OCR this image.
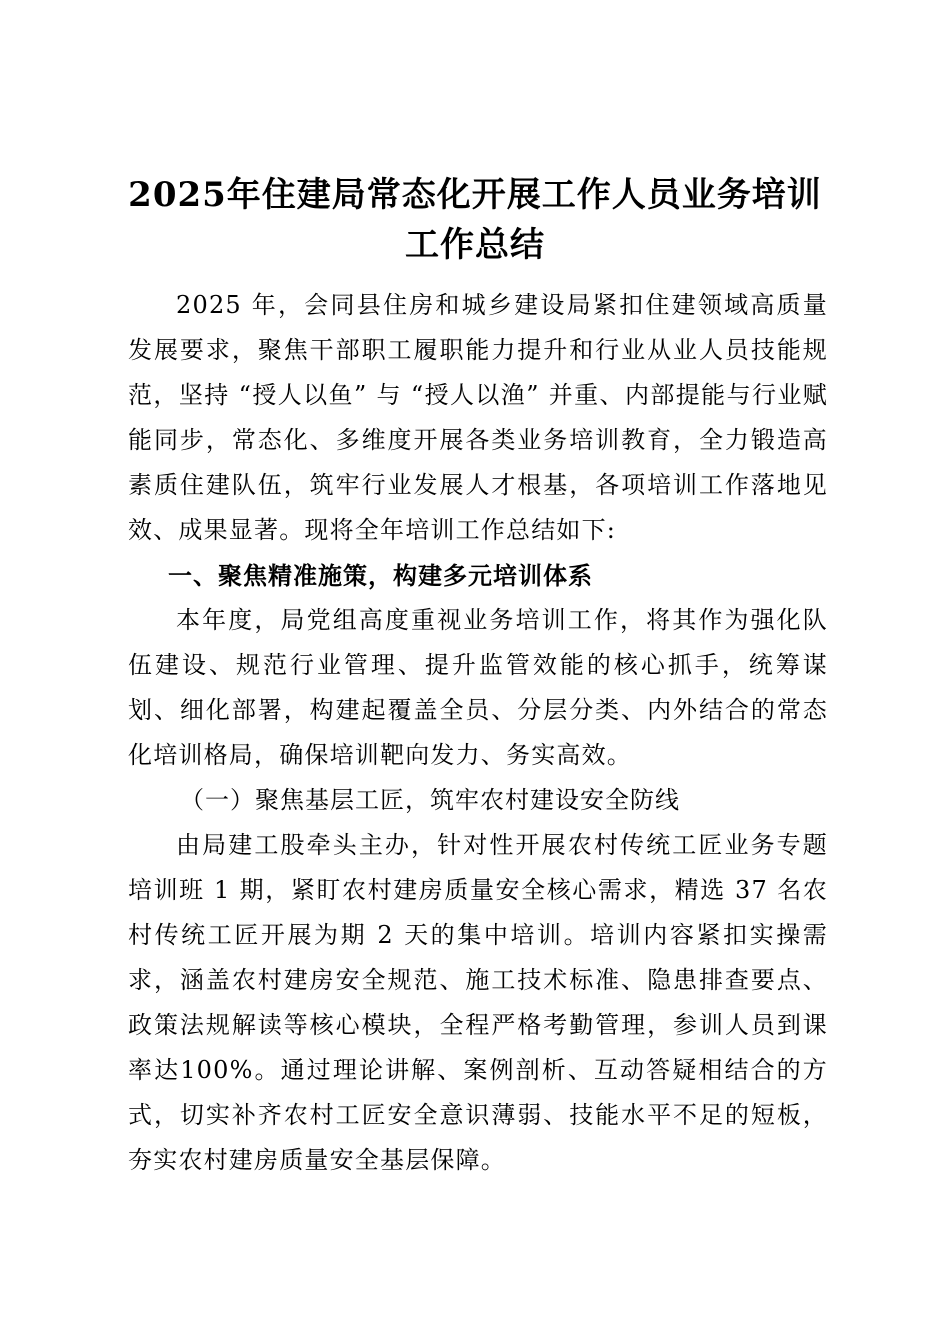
2025年住建局常态化开展工作人员业务培训
工作总结

2025 年，会同县住房和城乡建设局紧扣住建领域高质量发展要求，聚焦干部职工履职能力提升和行业从业人员技能规范，坚持 “授人以鱼” 与 “授人以渔” 并重、内部提能与行业赋能同步，常态化、多维度开展各类业务培训教育，全力锻造高素质住建队伍，筑牢行业发展人才根基，各项培训工作落地见效、成果显著。现将全年培训工作总结如下:

一、聚焦精准施策，构建多元培训体系

本年度，局党组高度重视业务培训工作，将其作为强化队伍建设、规范行业管理、提升监管效能的核心抓手，统筹谋划、细化部署，构建起覆盖全员、分层分类、内外结合的常态化培训格局，确保培训靶向发力、务实高效。

（一）聚焦基层工匠，筑牢农村建设安全防线

由局建工股牵头主办，针对性开展农村传统工匠业务专题培训班 1 期，紧盯农村建房质量安全核心需求，精选 37 名农村传统工匠开展为期 2 天的集中培训。培训内容紧扣实操需求，涵盖农村建房安全规范、施工技术标准、隐患排查要点、政策法规解读等核心模块，全程严格考勤管理，参训人员到课率达100%。通过理论讲解、案例剖析、互动答疑相结合的方式，切实补齐农村工匠安全意识薄弱、技能水平不足的短板，夯实农村建房质量安全基层保障。
